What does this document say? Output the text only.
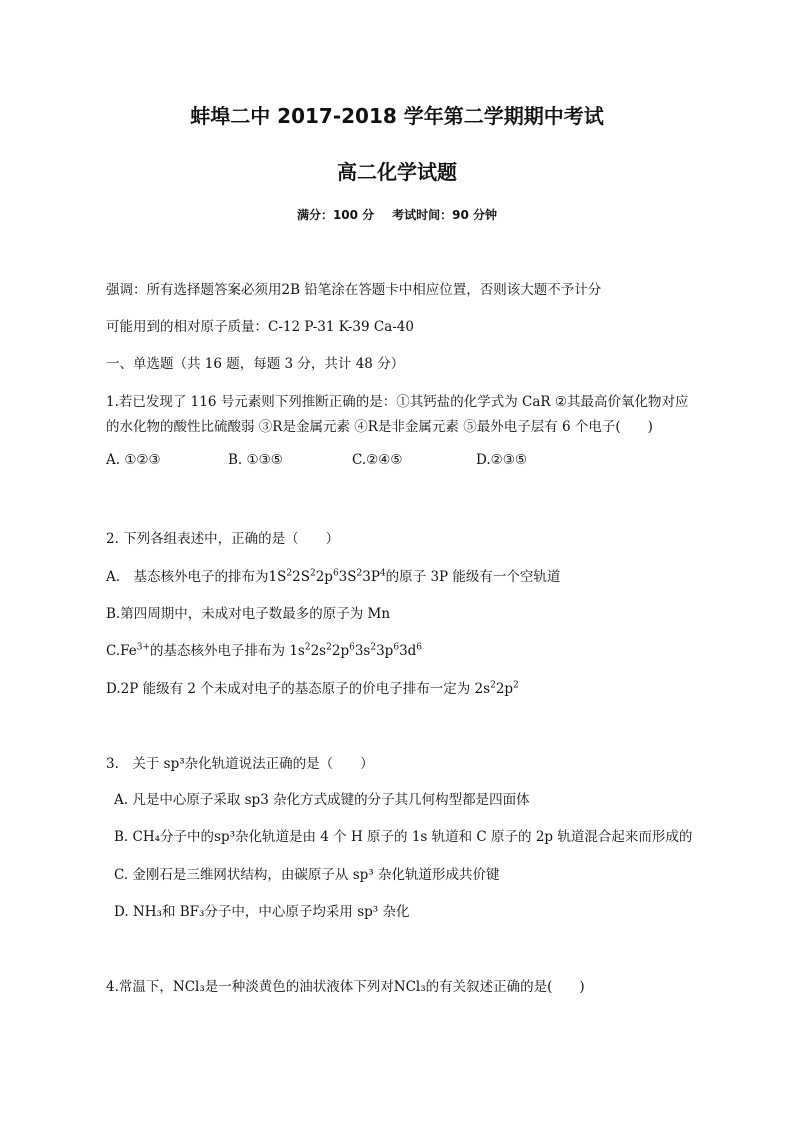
蚌埠二中 2017-2018 学年第二学期期中考试
高二化学试题
满分：100 分 考试时间：90 分钟
强调：所有选择题答案必须用2B 铅笔涂在答题卡中相应位置，否则该大题不予计分
可能用到的相对原子质量：C-12 P-31 K-39 Ca-40
一、单选题（共 16 题，每题 3 分，共计 48 分）
1.若已发现了 116 号元素则下列推断正确的是：①其钙盐的化学式为 CaR ②其最高价氧化物对应
的水化物的酸性比硫酸弱 ③R是金属元素 ④R是非金属元素 ⑤最外电子层有 6 个电子(　　)
A. ①②③	B. ①③⑤	C.②④⑤	D.②③⑤
2. 下列各组表述中，正确的是（　　）
A.　基态核外电子的排布为$1S^22S^22p^63S^23P^4$的原子 3P 能级有一个空轨道
B.第四周期中，未成对电子数最多的原子为 Mn
$C.Fe^{3+}$的基态核外电子排布为 $1s^22s^22p^63s^23p^63d^6$
D.2P 能级有 2 个未成对电子的基态原子的价电子排布一定为 $2s^22p^2$
3.　关于 sp³杂化轨道说法正确的是（　　）
A. 凡是中心原子采取 sp3 杂化方式成键的分子其几何构型都是四面体
B. CH₄分子中的sp³杂化轨道是由 4 个 H 原子的 1s 轨道和 C 原子的 2p 轨道混合起来而形成的
C. 金刚石是三维网状结构，由碳原子从 sp³ 杂化轨道形成共价键
D. NH₃和 BF₃分子中，中心原子均采用 sp³ 杂化
4.常温下，NCl₃是一种淡黄色的油状液体下列对NCl₃的有关叙述正确的是(　　)
